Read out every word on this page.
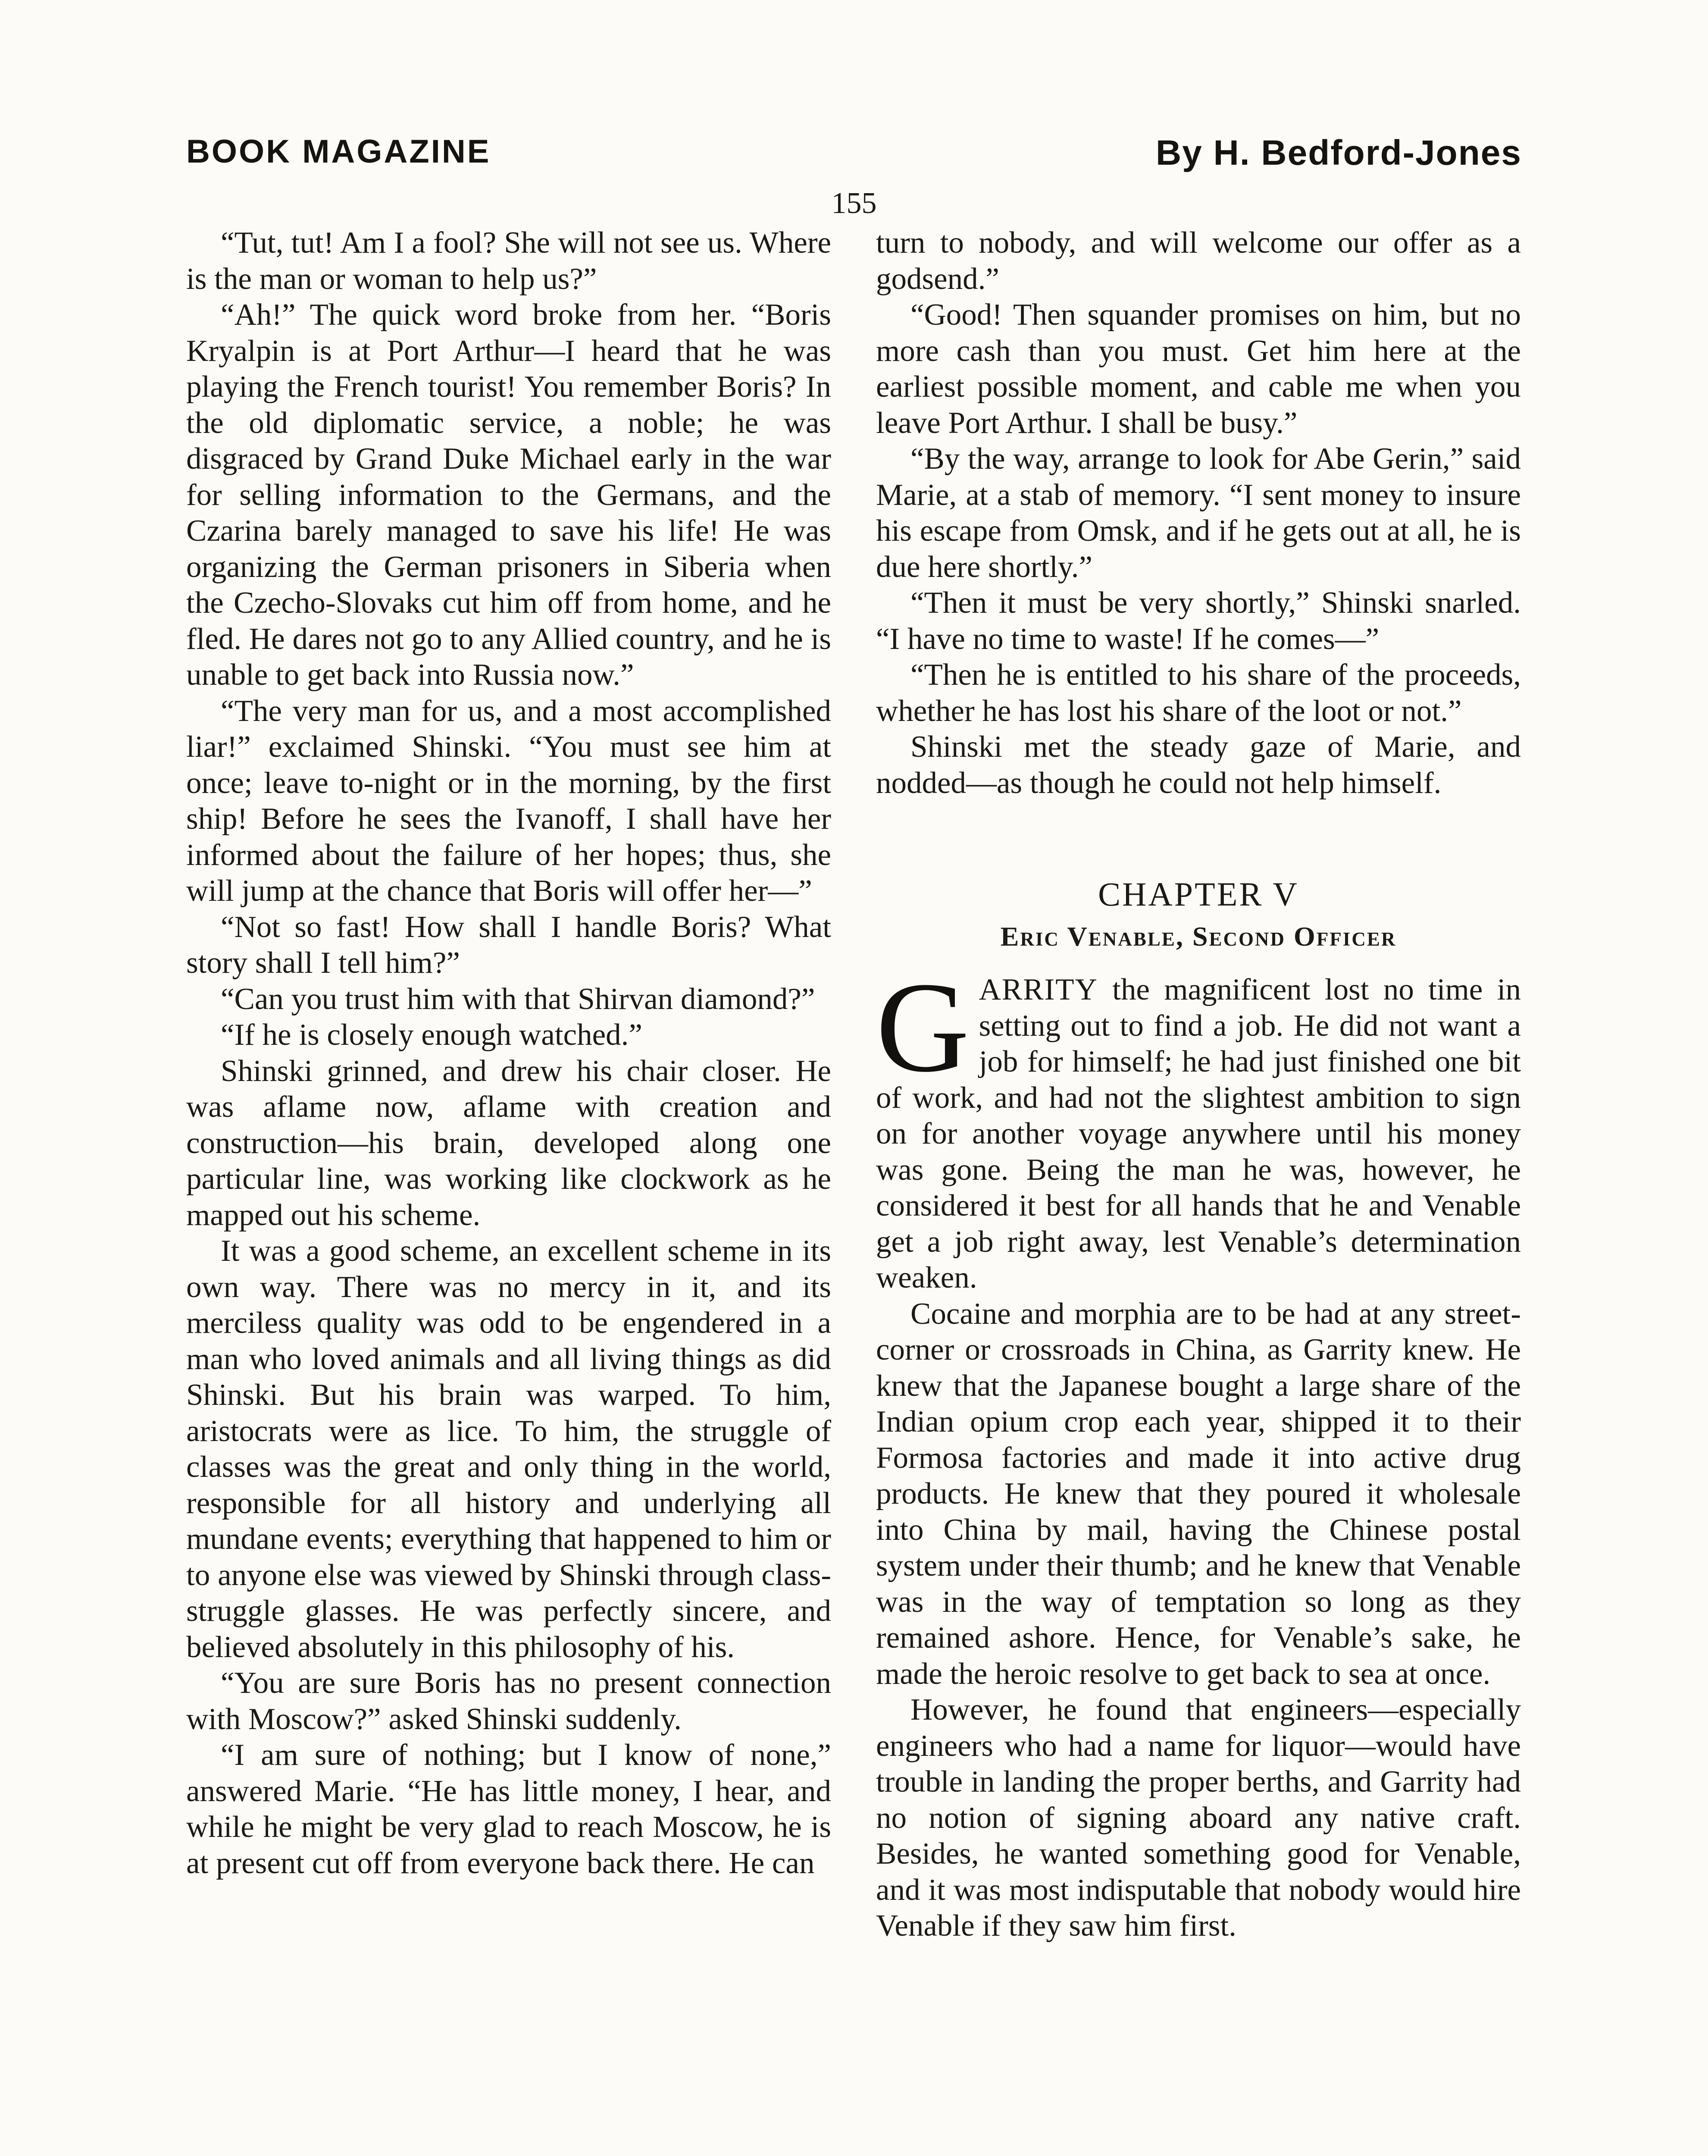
BOOK MAGAZINE	By H. Bedford-Jones
155

“Tut, tut! Am I a fool? She will not see us. Where is the man or woman to help us?”

“Ah!” The quick word broke from her. “Boris Kryalpin is at Port Arthur—I heard that he was playing the French tourist! You remember Boris? In the old diplomatic service, a noble; he was disgraced by Grand Duke Michael early in the war for selling information to the Germans, and the Czarina barely managed to save his life! He was organizing the German prisoners in Siberia when the Czecho-Slovaks cut him off from home, and he fled. He dares not go to any Allied country, and he is unable to get back into Russia now.”

“The very man for us, and a most accomplished liar!” exclaimed Shinski. “You must see him at once; leave to-night or in the morning, by the first ship! Before he sees the Ivanoff, I shall have her informed about the failure of her hopes; thus, she will jump at the chance that Boris will offer her—”

“Not so fast! How shall I handle Boris? What story shall I tell him?”

“Can you trust him with that Shirvan diamond?”

“If he is closely enough watched.”

Shinski grinned, and drew his chair closer. He was aflame now, aflame with creation and construction—his brain, developed along one particular line, was working like clockwork as he mapped out his scheme.

It was a good scheme, an excellent scheme in its own way. There was no mercy in it, and its merciless quality was odd to be engendered in a man who loved animals and all living things as did Shinski. But his brain was warped. To him, aristocrats were as lice. To him, the struggle of classes was the great and only thing in the world, responsible for all history and underlying all mundane events; everything that happened to him or to anyone else was viewed by Shinski through class-struggle glasses. He was perfectly sincere, and believed absolutely in this philosophy of his.

“You are sure Boris has no present connection with Moscow?” asked Shinski suddenly.

“I am sure of nothing; but I know of none,” answered Marie. “He has little money, I hear, and while he might be very glad to reach Moscow, he is at present cut off from everyone back there. He can

turn to nobody, and will welcome our offer as a godsend.”

“Good! Then squander promises on him, but no more cash than you must. Get him here at the earliest possible moment, and cable me when you leave Port Arthur. I shall be busy.”

“By the way, arrange to look for Abe Gerin,” said Marie, at a stab of memory. “I sent money to insure his escape from Omsk, and if he gets out at all, he is due here shortly.”

“Then it must be very shortly,” Shinski snarled. “I have no time to waste! If he comes—”

“Then he is entitled to his share of the proceeds, whether he has lost his share of the loot or not.”

Shinski met the steady gaze of Marie, and nodded—as though he could not help himself.

CHAPTER V
Eric Venable, Second Officer

GARRITY the magnificent lost no time in setting out to find a job. He did not want a job for himself; he had just finished one bit of work, and had not the slightest ambition to sign on for another voyage anywhere until his money was gone. Being the man he was, however, he considered it best for all hands that he and Venable get a job right away, lest Venable’s determination weaken.

Cocaine and morphia are to be had at any street-corner or crossroads in China, as Garrity knew. He knew that the Japanese bought a large share of the Indian opium crop each year, shipped it to their Formosa factories and made it into active drug products. He knew that they poured it wholesale into China by mail, having the Chinese postal system under their thumb; and he knew that Venable was in the way of temptation so long as they remained ashore. Hence, for Venable’s sake, he made the heroic resolve to get back to sea at once.

However, he found that engineers—especially engineers who had a name for liquor—would have trouble in landing the proper berths, and Garrity had no notion of signing aboard any native craft. Besides, he wanted something good for Venable, and it was most indisputable that nobody would hire Venable if they saw him first.
